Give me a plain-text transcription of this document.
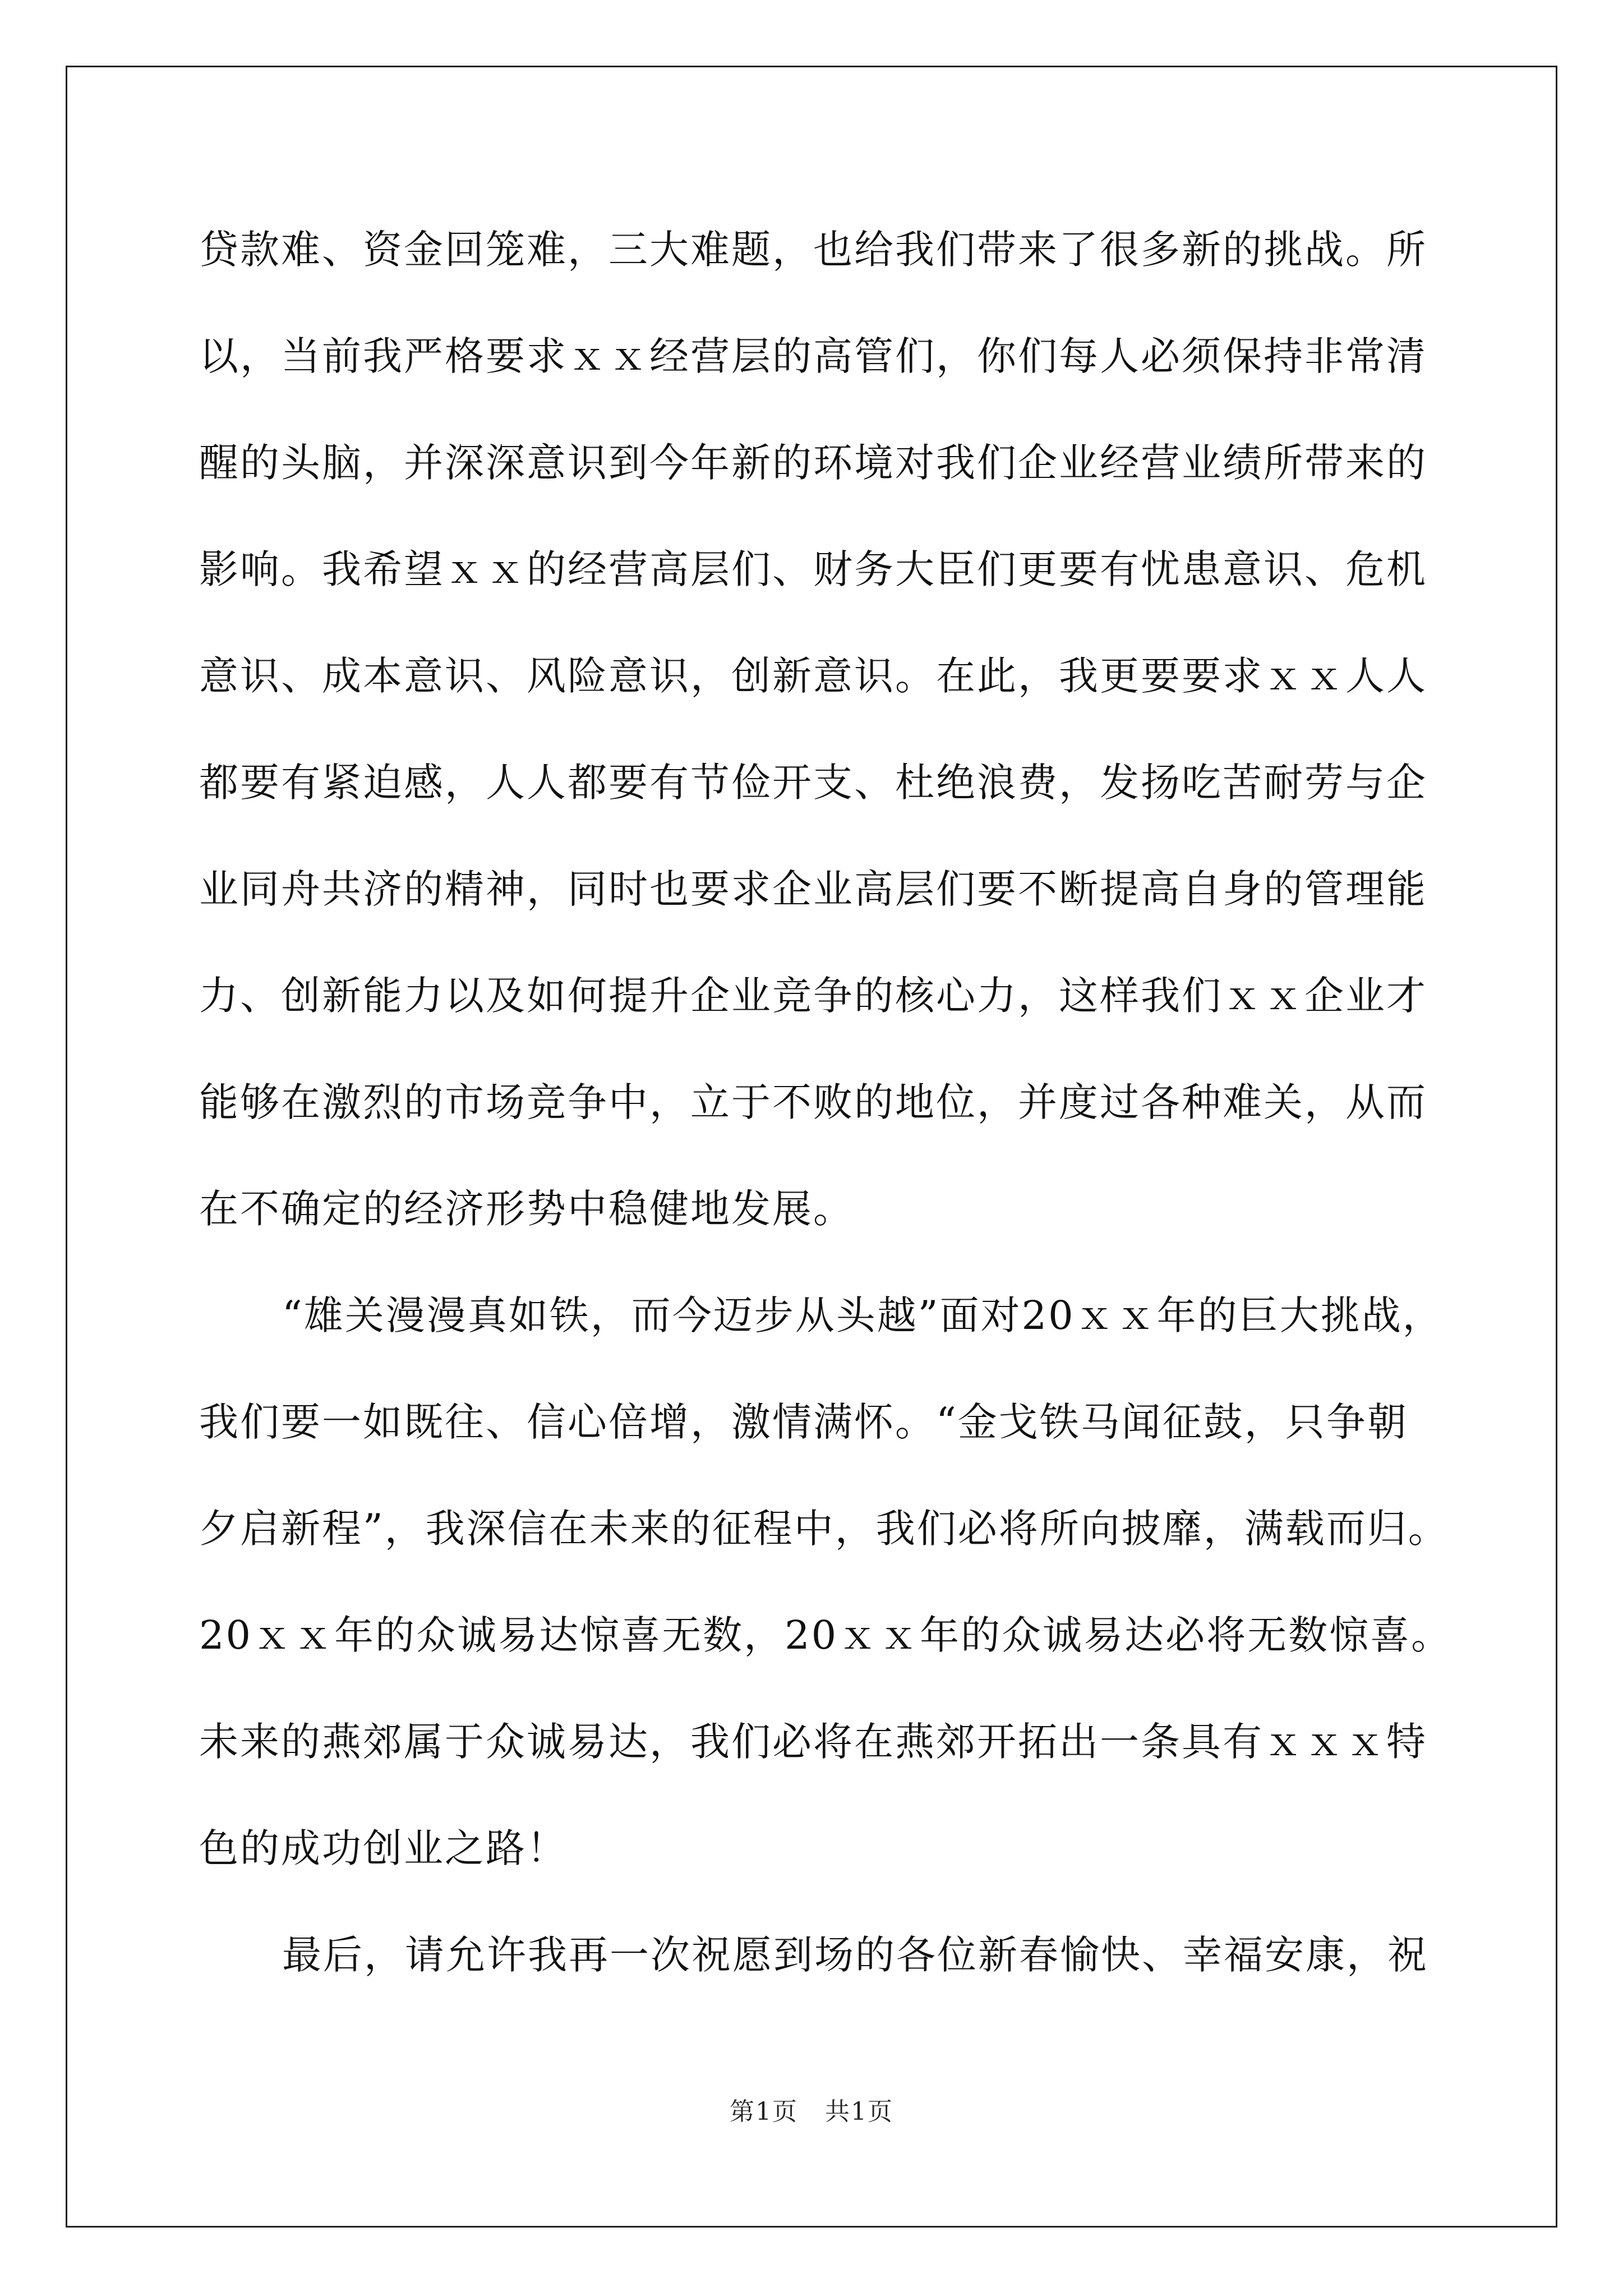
贷款难、资金回笼难，三大难题，也给我们带来了很多新的挑战。所
以，当前我严格要求ｘｘ经营层的高管们，你们每人必须保持非常清
醒的头脑，并深深意识到今年新的环境对我们企业经营业绩所带来的
影响。我希望ｘｘ的经营高层们、财务大臣们更要有忧患意识、危机
意识、成本意识、风险意识，创新意识。在此，我更要要求ｘｘ人人
都要有紧迫感，人人都要有节俭开支、杜绝浪费，发扬吃苦耐劳与企
业同舟共济的精神，同时也要求企业高层们要不断提高自身的管理能
力、创新能力以及如何提升企业竞争的核心力，这样我们ｘｘ企业才
能够在激烈的市场竞争中，立于不败的地位，并度过各种难关，从而
在不确定的经济形势中稳健地发展。
“雄关漫漫真如铁，而今迈步从头越”面对20ｘｘ年的巨大挑战，
我们要一如既往、信心倍增，激情满怀。“金戈铁马闻征鼓，只争朝
夕启新程”，我深信在未来的征程中，我们必将所向披靡，满载而归。
20ｘｘ年的众诚易达惊喜无数，20ｘｘ年的众诚易达必将无数惊喜。
未来的燕郊属于众诚易达，我们必将在燕郊开拓出一条具有ｘｘｘ特
色的成功创业之路！
最后，请允许我再一次祝愿到场的各位新春愉快、幸福安康，祝
第1页 共1页
